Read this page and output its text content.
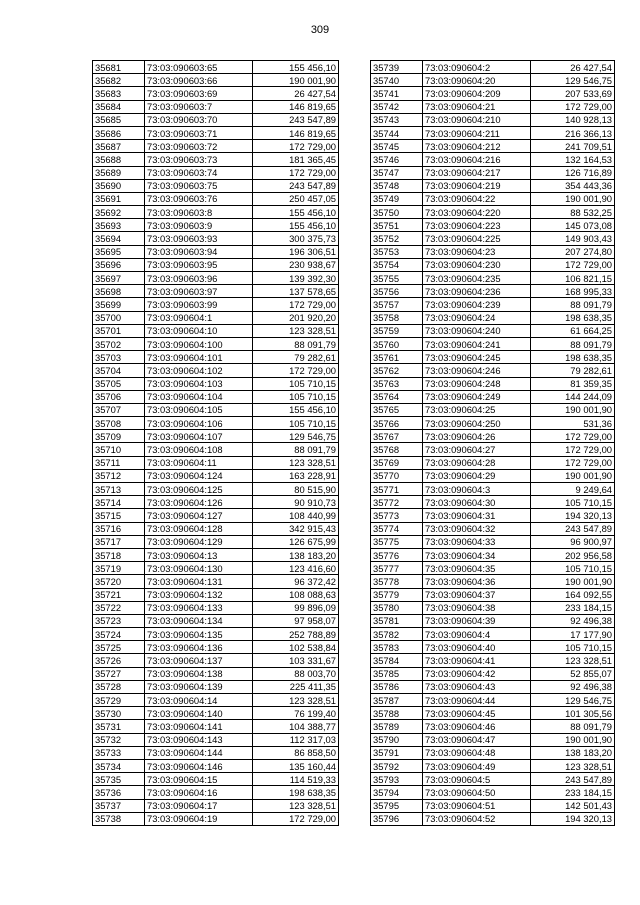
309
35681	73:03:090603:65	155 456,10
35682	73:03:090603:66	190 001,90
35683	73:03:090603:69	26 427,54
35684	73:03:090603:7	146 819,65
35685	73:03:090603:70	243 547,89
35686	73:03:090603:71	146 819,65
35687	73:03:090603:72	172 729,00
35688	73:03:090603:73	181 365,45
35689	73:03:090603:74	172 729,00
35690	73:03:090603:75	243 547,89
35691	73:03:090603:76	250 457,05
35692	73:03:090603:8	155 456,10
35693	73:03:090603:9	155 456,10
35694	73:03:090603:93	300 375,73
35695	73:03:090603:94	196 306,51
35696	73:03:090603:95	230 938,67
35697	73:03:090603:96	139 392,30
35698	73:03:090603:97	137 578,65
35699	73:03:090603:99	172 729,00
35700	73:03:090604:1	201 920,20
35701	73:03:090604:10	123 328,51
35702	73:03:090604:100	88 091,79
35703	73:03:090604:101	79 282,61
35704	73:03:090604:102	172 729,00
35705	73:03:090604:103	105 710,15
35706	73:03:090604:104	105 710,15
35707	73:03:090604:105	155 456,10
35708	73:03:090604:106	105 710,15
35709	73:03:090604:107	129 546,75
35710	73:03:090604:108	88 091,79
35711	73:03:090604:11	123 328,51
35712	73:03:090604:124	163 228,91
35713	73:03:090604:125	80 515,90
35714	73:03:090604:126	90 910,73
35715	73:03:090604:127	108 440,99
35716	73:03:090604:128	342 915,43
35717	73:03:090604:129	126 675,99
35718	73:03:090604:13	138 183,20
35719	73:03:090604:130	123 416,60
35720	73:03:090604:131	96 372,42
35721	73:03:090604:132	108 088,63
35722	73:03:090604:133	99 896,09
35723	73:03:090604:134	97 958,07
35724	73:03:090604:135	252 788,89
35725	73:03:090604:136	102 538,84
35726	73:03:090604:137	103 331,67
35727	73:03:090604:138	88 003,70
35728	73:03:090604:139	225 411,35
35729	73:03:090604:14	123 328,51
35730	73:03:090604:140	76 199,40
35731	73:03:090604:141	104 388,77
35732	73:03:090604:143	112 317,03
35733	73:03:090604:144	86 858,50
35734	73:03:090604:146	135 160,44
35735	73:03:090604:15	114 519,33
35736	73:03:090604:16	198 638,35
35737	73:03:090604:17	123 328,51
35738	73:03:090604:19	172 729,00
35739	73:03:090604:2	26 427,54
35740	73:03:090604:20	129 546,75
35741	73:03:090604:209	207 533,69
35742	73:03:090604:21	172 729,00
35743	73:03:090604:210	140 928,13
35744	73:03:090604:211	216 366,13
35745	73:03:090604:212	241 709,51
35746	73:03:090604:216	132 164,53
35747	73:03:090604:217	126 716,89
35748	73:03:090604:219	354 443,36
35749	73:03:090604:22	190 001,90
35750	73:03:090604:220	88 532,25
35751	73:03:090604:223	145 073,08
35752	73:03:090604:225	149 903,43
35753	73:03:090604:23	207 274,80
35754	73:03:090604:230	172 729,00
35755	73:03:090604:235	106 821,15
35756	73:03:090604:236	168 995,33
35757	73:03:090604:239	88 091,79
35758	73:03:090604:24	198 638,35
35759	73:03:090604:240	61 664,25
35760	73:03:090604:241	88 091,79
35761	73:03:090604:245	198 638,35
35762	73:03:090604:246	79 282,61
35763	73:03:090604:248	81 359,35
35764	73:03:090604:249	144 244,09
35765	73:03:090604:25	190 001,90
35766	73:03:090604:250	531,36
35767	73:03:090604:26	172 729,00
35768	73:03:090604:27	172 729,00
35769	73:03:090604:28	172 729,00
35770	73:03:090604:29	190 001,90
35771	73:03:090604:3	9 249,64
35772	73:03:090604:30	105 710,15
35773	73:03:090604:31	194 320,13
35774	73:03:090604:32	243 547,89
35775	73:03:090604:33	96 900,97
35776	73:03:090604:34	202 956,58
35777	73:03:090604:35	105 710,15
35778	73:03:090604:36	190 001,90
35779	73:03:090604:37	164 092,55
35780	73:03:090604:38	233 184,15
35781	73:03:090604:39	92 496,38
35782	73:03:090604:4	17 177,90
35783	73:03:090604:40	105 710,15
35784	73:03:090604:41	123 328,51
35785	73:03:090604:42	52 855,07
35786	73:03:090604:43	92 496,38
35787	73:03:090604:44	129 546,75
35788	73:03:090604:45	101 305,56
35789	73:03:090604:46	88 091,79
35790	73:03:090604:47	190 001,90
35791	73:03:090604:48	138 183,20
35792	73:03:090604:49	123 328,51
35793	73:03:090604:5	243 547,89
35794	73:03:090604:50	233 184,15
35795	73:03:090604:51	142 501,43
35796	73:03:090604:52	194 320,13
